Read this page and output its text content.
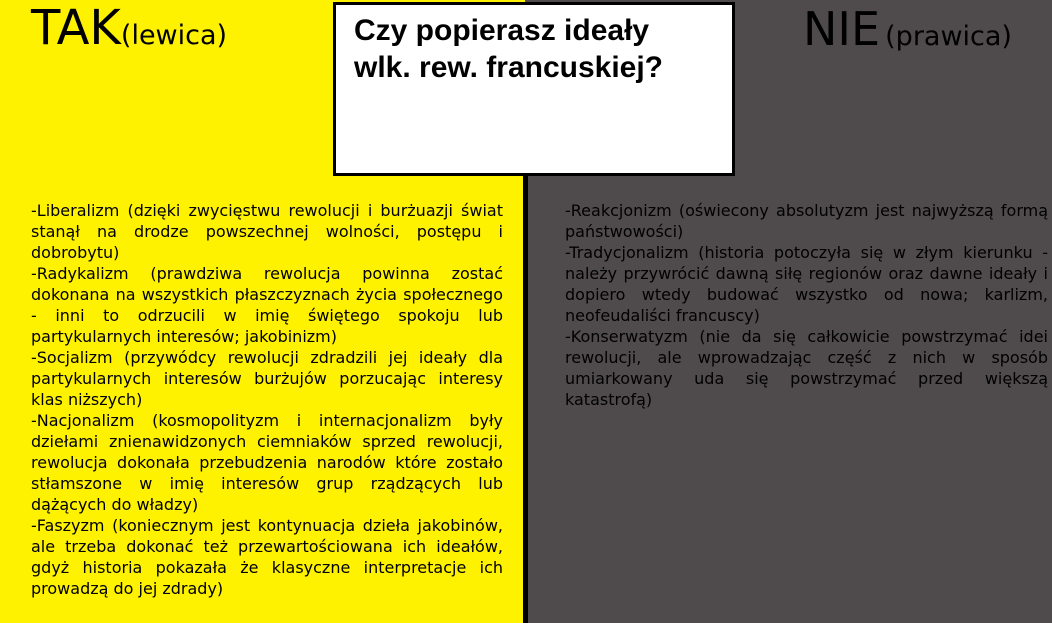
TAK(lewica)	NIE (prawica)
Czy popierasz ideały
wlk. rew. francuskiej?

-Liberalizm (dzięki zwycięstwu rewolucji i burżuazji świat stanął na drodze powszechnej wolności, postępu i dobrobytu)

-Radykalizm (prawdziwa rewolucja powinna zostać dokonana na wszystkich płaszczyznach życia społecznego - inni to odrzucili w imię świętego spokoju lub partykularnych interesów; jakobinizm)

-Socjalizm (przywódcy rewolucji zdradzili jej ideały dla partykularnych interesów burżujów porzucając interesy klas niższych)

-Nacjonalizm (kosmopolityzm i internacjonalizm były dziełami znienawidzonych ciemniaków sprzed rewolucji, rewolucja dokonała przebudzenia narodów które zostało stłamszone w imię interesów grup rządzących lub dążących do władzy)

-Faszyzm (koniecznym jest kontynuacja dzieła jakobinów, ale trzeba dokonać też przewartościowana ich ideałów, gdyż historia pokazała że klasyczne interpretacje ich prowadzą do jej zdrady)

-Reakcjonizm (oświecony absolutyzm jest najwyższą formą państwowości)

-Tradycjonalizm (historia potoczyła się w złym kierunku - należy przywrócić dawną siłę regionów oraz dawne ideały i dopiero wtedy budować wszystko od nowa; karlizm, neofeudaliści francuscy)

-Konserwatyzm (nie da się całkowicie powstrzymać idei rewolucji, ale wprowadzając część z nich w sposób umiarkowany uda się powstrzymać przed większą katastrofą)
